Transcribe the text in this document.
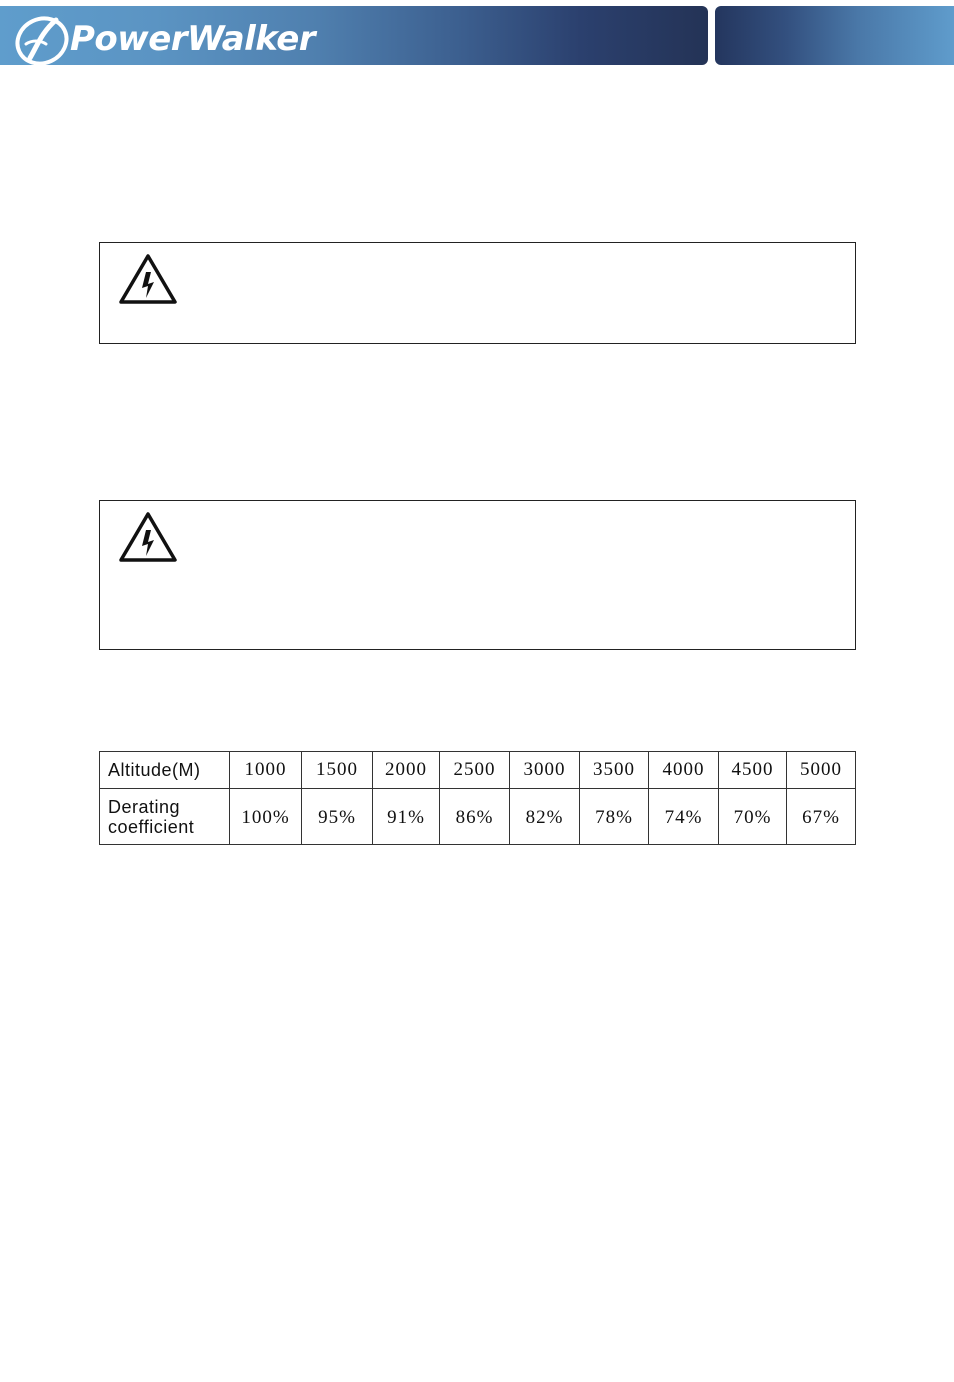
PowerWalker
Altitude(M)	1000	1500	2000	2500	3000	3500	4000	4500	5000
Derating
coefficient	100%	95%	91%	86%	82%	78%	74%	70%	67%
